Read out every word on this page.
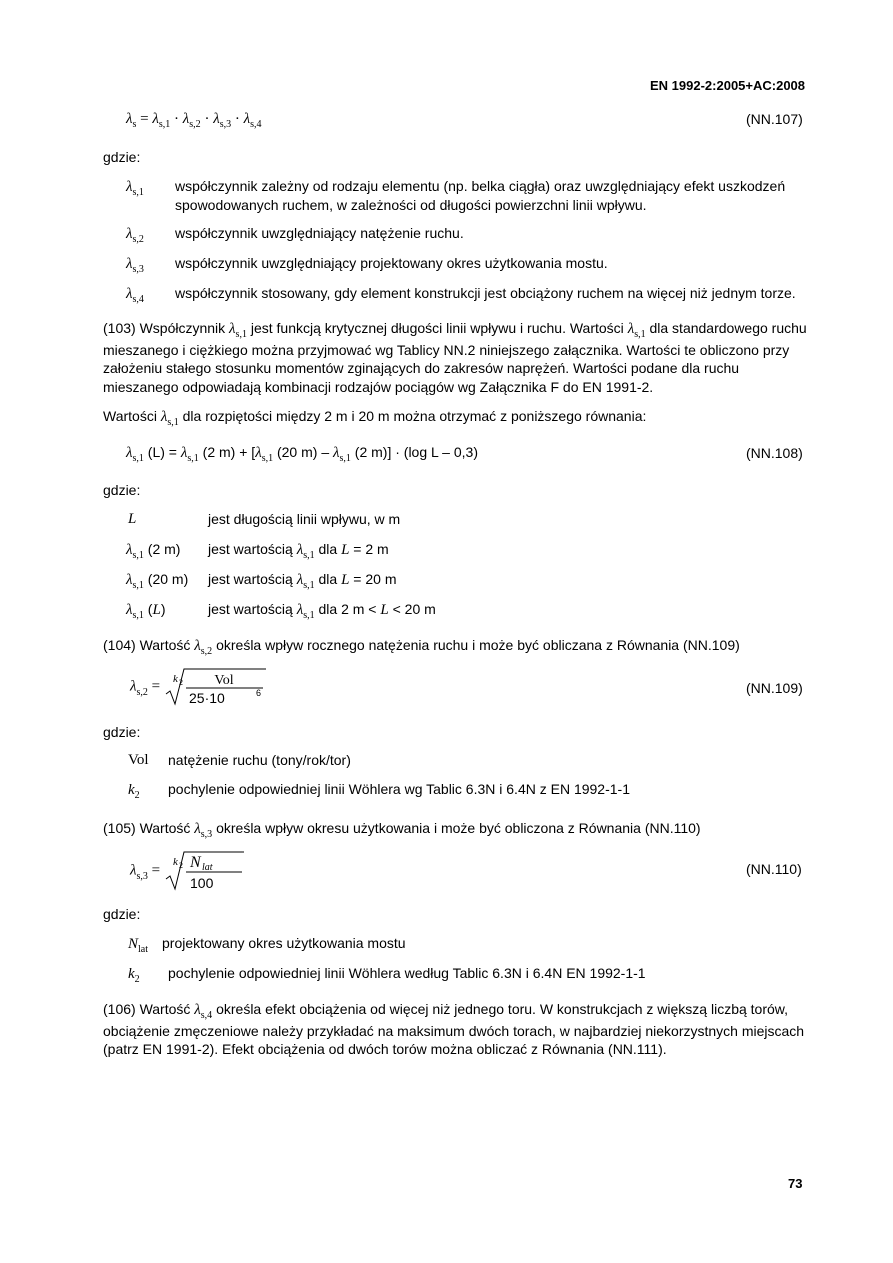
EN 1992-2:2005+AC:2008
$\lambda_s = \lambda_{s,1} \cdot \lambda_{s,2} \cdot \lambda_{s,3} \cdot \lambda_{s,4}$	(NN.107)
gdzie:
$\lambda_{s,1}$ współczynnik zależny od rodzaju elementu (np. belka ciągła) oraz uwzględniający efekt uszkodzeń spowodowanych ruchem, w zależności od długości powierzchni linii wpływu.
$\lambda_{s,2}$ współczynnik uwzględniający natężenie ruchu.
$\lambda_{s,3}$ współczynnik uwzględniający projektowany okres użytkowania mostu.
$\lambda_{s,4}$ współczynnik stosowany, gdy element konstrukcji jest obciążony ruchem na więcej niż jednym torze.
(103) Współczynnik $\lambda_{s,1}$ jest funkcją krytycznej długości linii wpływu i ruchu. Wartości $\lambda_{s,1}$ dla standardowego ruchu mieszanego i ciężkiego można przyjmować wg Tablicy NN.2 niniejszego załącznika. Wartości te obliczono przy założeniu stałego stosunku momentów zginających do zakresów naprężeń. Wartości podane dla ruchu mieszanego odpowiadają kombinacji rodzajów pociągów wg Załącznika F do EN 1991-2.
Wartości $\lambda_{s,1}$ dla rozpiętości między 2 m i 20 m można otrzymać z poniższego równania:
$\lambda_{s,1}$ $(L) = \lambda_{s,1}$ (2 $m) + [\lambda_{s,1}$ (20 $m) - \lambda_{s,1}$ (2 m)] · (log L – 0,3)	(NN.108)
gdzie:
L	jest długością linii wpływu, w m
$\lambda_{s,1}$ (2 m) jest wartością $\lambda_{s,1}$ dla L = 2 m
$\lambda_{s,1}$ (20 m) jest wartością $\lambda_{s,1}$ dla L = 20 m
$\lambda_{s,1}$ (L)	jest wartością $\lambda_{s,1}$ dla 2 m < L < 20 m
(104) Wartość $\lambda_{s,2}$ określa wpływ rocznego natężenia ruchu i może być obliczana z Równania (NN.109)
$\lambda_{s,2} = k$ 2 Vol
25·10	6	(NN.109)
gdzie:
Vol natężenie ruchu (tony/rok/tor)
$k_2$ pochylenie odpowiedniej linii Wöhlera wg Tablic 6.3N i 6.4N z EN 1992-1-1
(105) Wartość $\lambda_{s,3}$ określa wpływ okresu użytkowania i może być obliczona z Równania (NN.110)
$\lambda_{s,3}$ =
k 2 N lat
100
(NN.110)
gdzie:
$N_{lat}$ projektowany okres użytkowania mostu
$k_2$ pochylenie odpowiedniej linii Wöhlera według Tablic 6.3N i 6.4N EN 1992-1-1
(106) Wartość $\lambda_{s,4}$ określa efekt obciążenia od więcej niż jednego toru. W konstrukcjach z większą liczbą torów, obciążenie zmęczeniowe należy przykładać na maksimum dwóch torach, w najbardziej niekorzystnych miejscach (patrz EN 1991-2). Efekt obciążenia od dwóch torów można obliczać z Równania (NN.111).
73
